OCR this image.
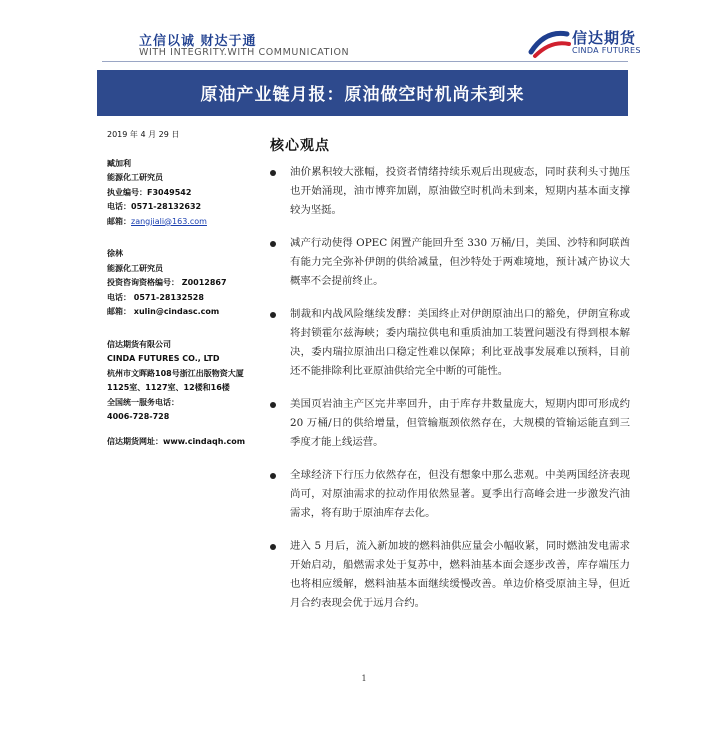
立信以诚 财达于通
WITH INTEGRITY.WITH COMMUNICATION
信达期货
CINDA FUTURES
原油产业链月报：原油做空时机尚未到来
2019 年 4 月 29 日
臧加利
能源化工研究员
执业编号：F3049542
电话：0571-28132632
邮箱：zangjiali@163.com
徐林
能源化工研究员
投资咨询资格编号： Z0012867
电话： 0571-28132528
邮箱： xulin@cindasc.com
信达期货有限公司
CINDA FUTURES CO., LTD
杭州市文晖路108号浙江出版物资大厦
1125室、1127室、12楼和16楼
全国统一服务电话：
4006-728-728
信达期货网址：www.cindaqh.com
核心观点
油价累积较大涨幅，投资者情绪持续乐观后出现疲态，同时获利头寸抛压也开始涌现，油市博弈加剧，原油做空时机尚未到来，短期内基本面支撑较为坚挺。
减产行动使得 OPEC 闲置产能回升至 330 万桶/日，美国、沙特和阿联酋有能力完全弥补伊朗的供给减量，但沙特处于两难境地，预计减产协议大概率不会提前终止。
制裁和内战风险继续发酵：美国终止对伊朗原油出口的豁免，伊朗宣称或将封锁霍尔兹海峡；委内瑞拉供电和重质油加工装置问题没有得到根本解决，委内瑞拉原油出口稳定性难以保障；利比亚战事发展难以预料，目前还不能排除利比亚原油供给完全中断的可能性。
美国页岩油主产区完井率回升，由于库存井数量庞大，短期内即可形成约 20 万桶/日的供给增量，但管输瓶颈依然存在，大规模的管输运能直到三季度才能上线运营。
全球经济下行压力依然存在，但没有想象中那么悲观。中美两国经济表现尚可，对原油需求的拉动作用依然显著。夏季出行高峰会进一步激发汽油需求，将有助于原油库存去化。
进入 5 月后，流入新加坡的燃料油供应量会小幅收紧，同时燃油发电需求开始启动，船燃需求处于复苏中，燃料油基本面会逐步改善，库存端压力也将相应缓解，燃料油基本面继续缓慢改善。单边价格受原油主导，但近月合约表现会优于远月合约。
1
